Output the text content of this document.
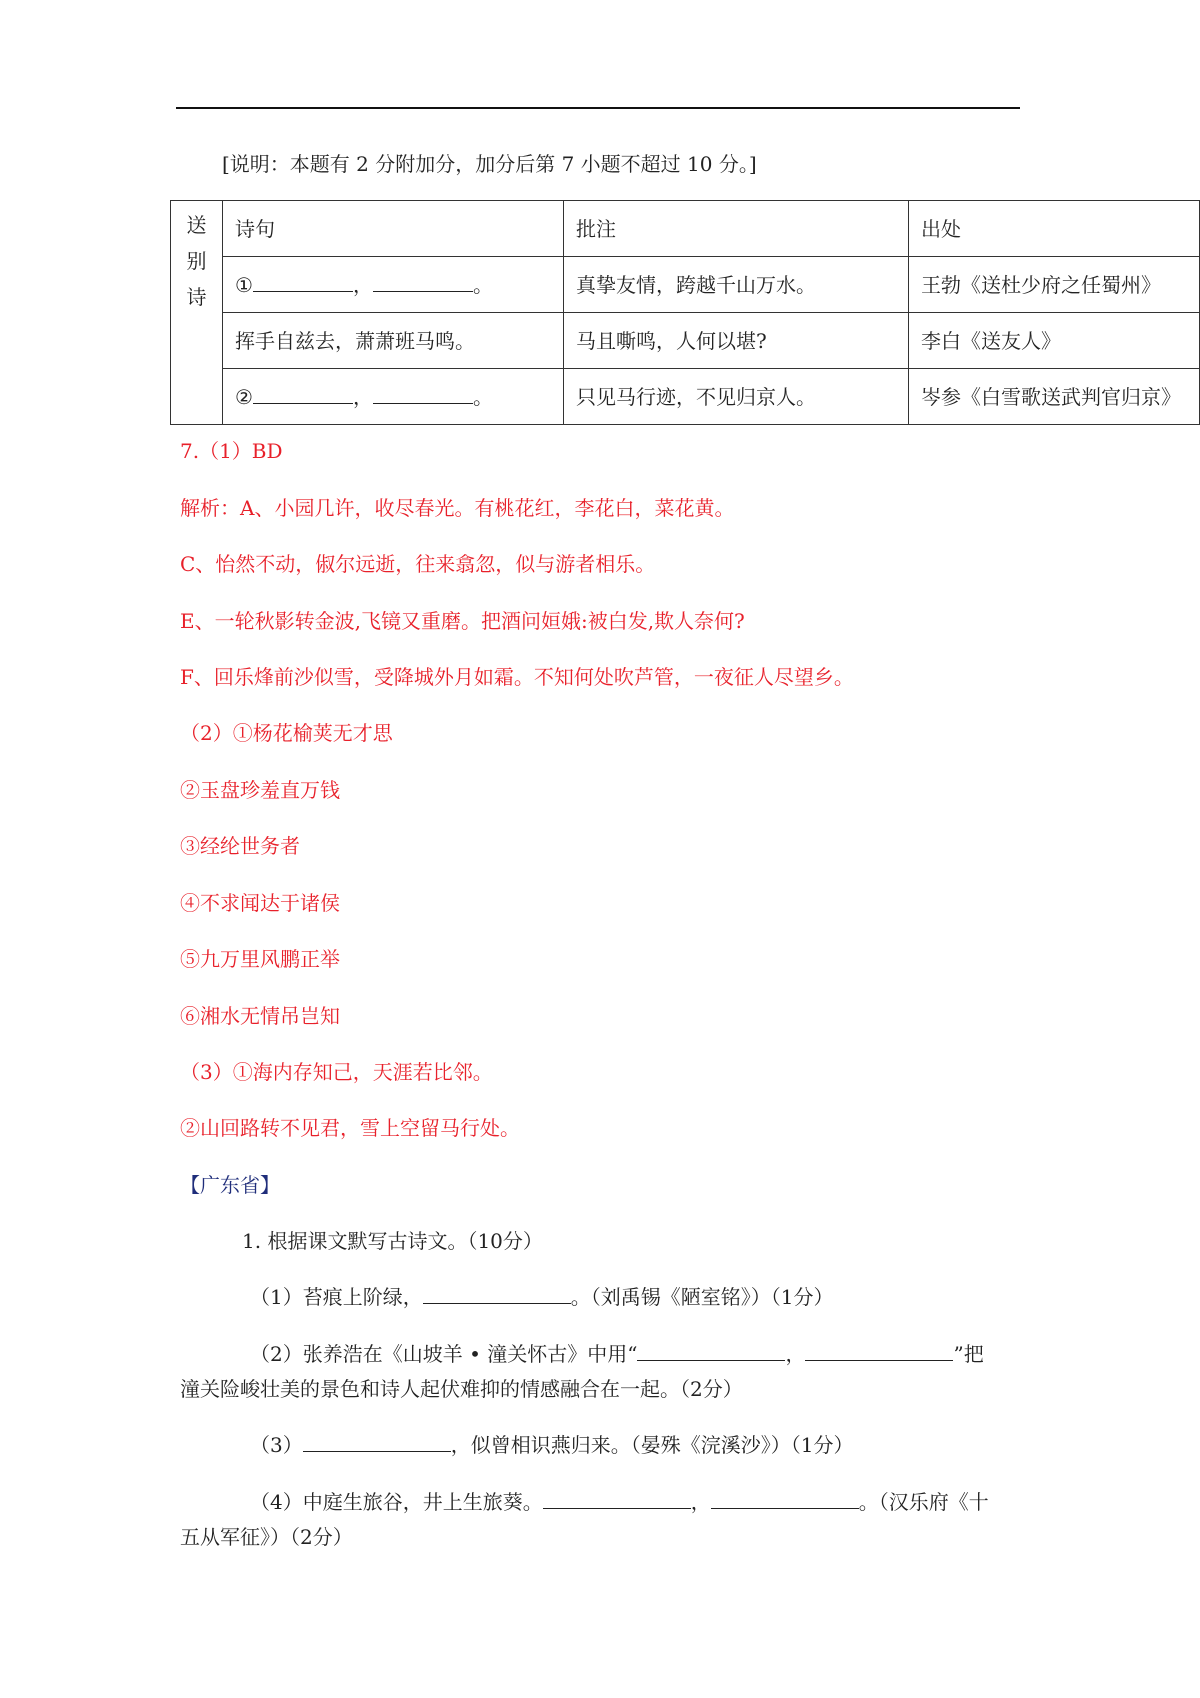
[说明：本题有 2 分附加分，加分后第 7 小题不超过 10 分。]
送
别
诗	诗句	批注	出处
	① ， 。	真挚友情，跨越千山万水。	王勃《送杜少府之任蜀州》
	挥手自兹去，萧萧班马鸣。	马且嘶鸣，人何以堪?	李白《送友人》
	② ， 。	只见马行迹，不见归京人。	岑参《白雪歌送武判官归京》
7.（1）BD
解析：A、小园几许，收尽春光。有桃花红，李花白，菜花黄。
C、怡然不动，俶尔远逝，往来翕忽，似与游者相乐。
E、一轮秋影转金波,飞镜又重磨。把酒问姮娥:被白发,欺人奈何?
F、回乐烽前沙似雪，受降城外月如霜。不知何处吹芦管，一夜征人尽望乡。
（2）①杨花榆荚无才思
②玉盘珍羞直万钱
③经纶世务者
④不求闻达于诸侯
⑤九万里风鹏正举
⑥湘水无情吊岂知
（3）①海内存知己，天涯若比邻。
②山回路转不见君，雪上空留马行处。
【广东省】
1. 根据课文默写古诗文。（10分）
（1）苔痕上阶绿，	。（刘禹锡《陋室铭》）（1分）
（2）张养浩在《山坡羊 • 潼关怀古》中用“	，	”把
潼关险峻壮美的景色和诗人起伏难抑的情感融合在一起。（2分）
（3）	，似曾相识燕归来。（晏殊《浣溪沙》）（1分）
（4）中庭生旅谷，井上生旅葵。	，	。（汉乐府《十
五从军征》）（2分）
